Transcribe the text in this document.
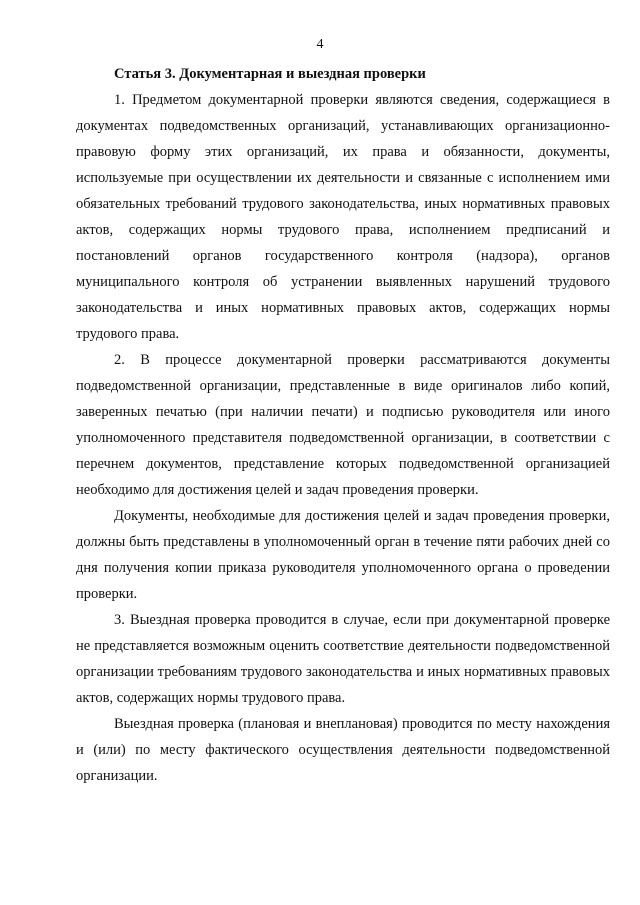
4

Статья 3. Документарная и выездная проверки

1. Предметом документарной проверки являются сведения, содержащиеся в документах подведомственных организаций, устанавливающих организационно-правовую форму этих организаций, их права и обязанности, документы, используемые при осуществлении их деятельности и связанные с исполнением ими обязательных требований трудового законодательства, иных нормативных правовых актов, содержащих нормы трудового права, исполнением предписаний и постановлений органов государственного контроля (надзора), органов муниципального контроля об устранении выявленных нарушений трудового законодательства и иных нормативных правовых актов, содержащих нормы трудового права.

2. В процессе документарной проверки рассматриваются документы подведомственной организации, представленные в виде оригиналов либо копий, заверенных печатью (при наличии печати) и подписью руководителя или иного уполномоченного представителя подведомственной организации, в соответствии с перечнем документов, представление которых подведомственной организацией необходимо для достижения целей и задач проведения проверки.

Документы, необходимые для достижения целей и задач проведения проверки, должны быть представлены в уполномоченный орган в течение пяти рабочих дней со дня получения копии приказа руководителя уполномоченного органа о проведении проверки.

3. Выездная проверка проводится в случае, если при документарной проверке не представляется возможным оценить соответствие деятельности подведомственной организации требованиям трудового законодательства и иных нормативных правовых актов, содержащих нормы трудового права.

Выездная проверка (плановая и внеплановая) проводится по месту нахождения и (или) по месту фактического осуществления деятельности подведомственной организации.
